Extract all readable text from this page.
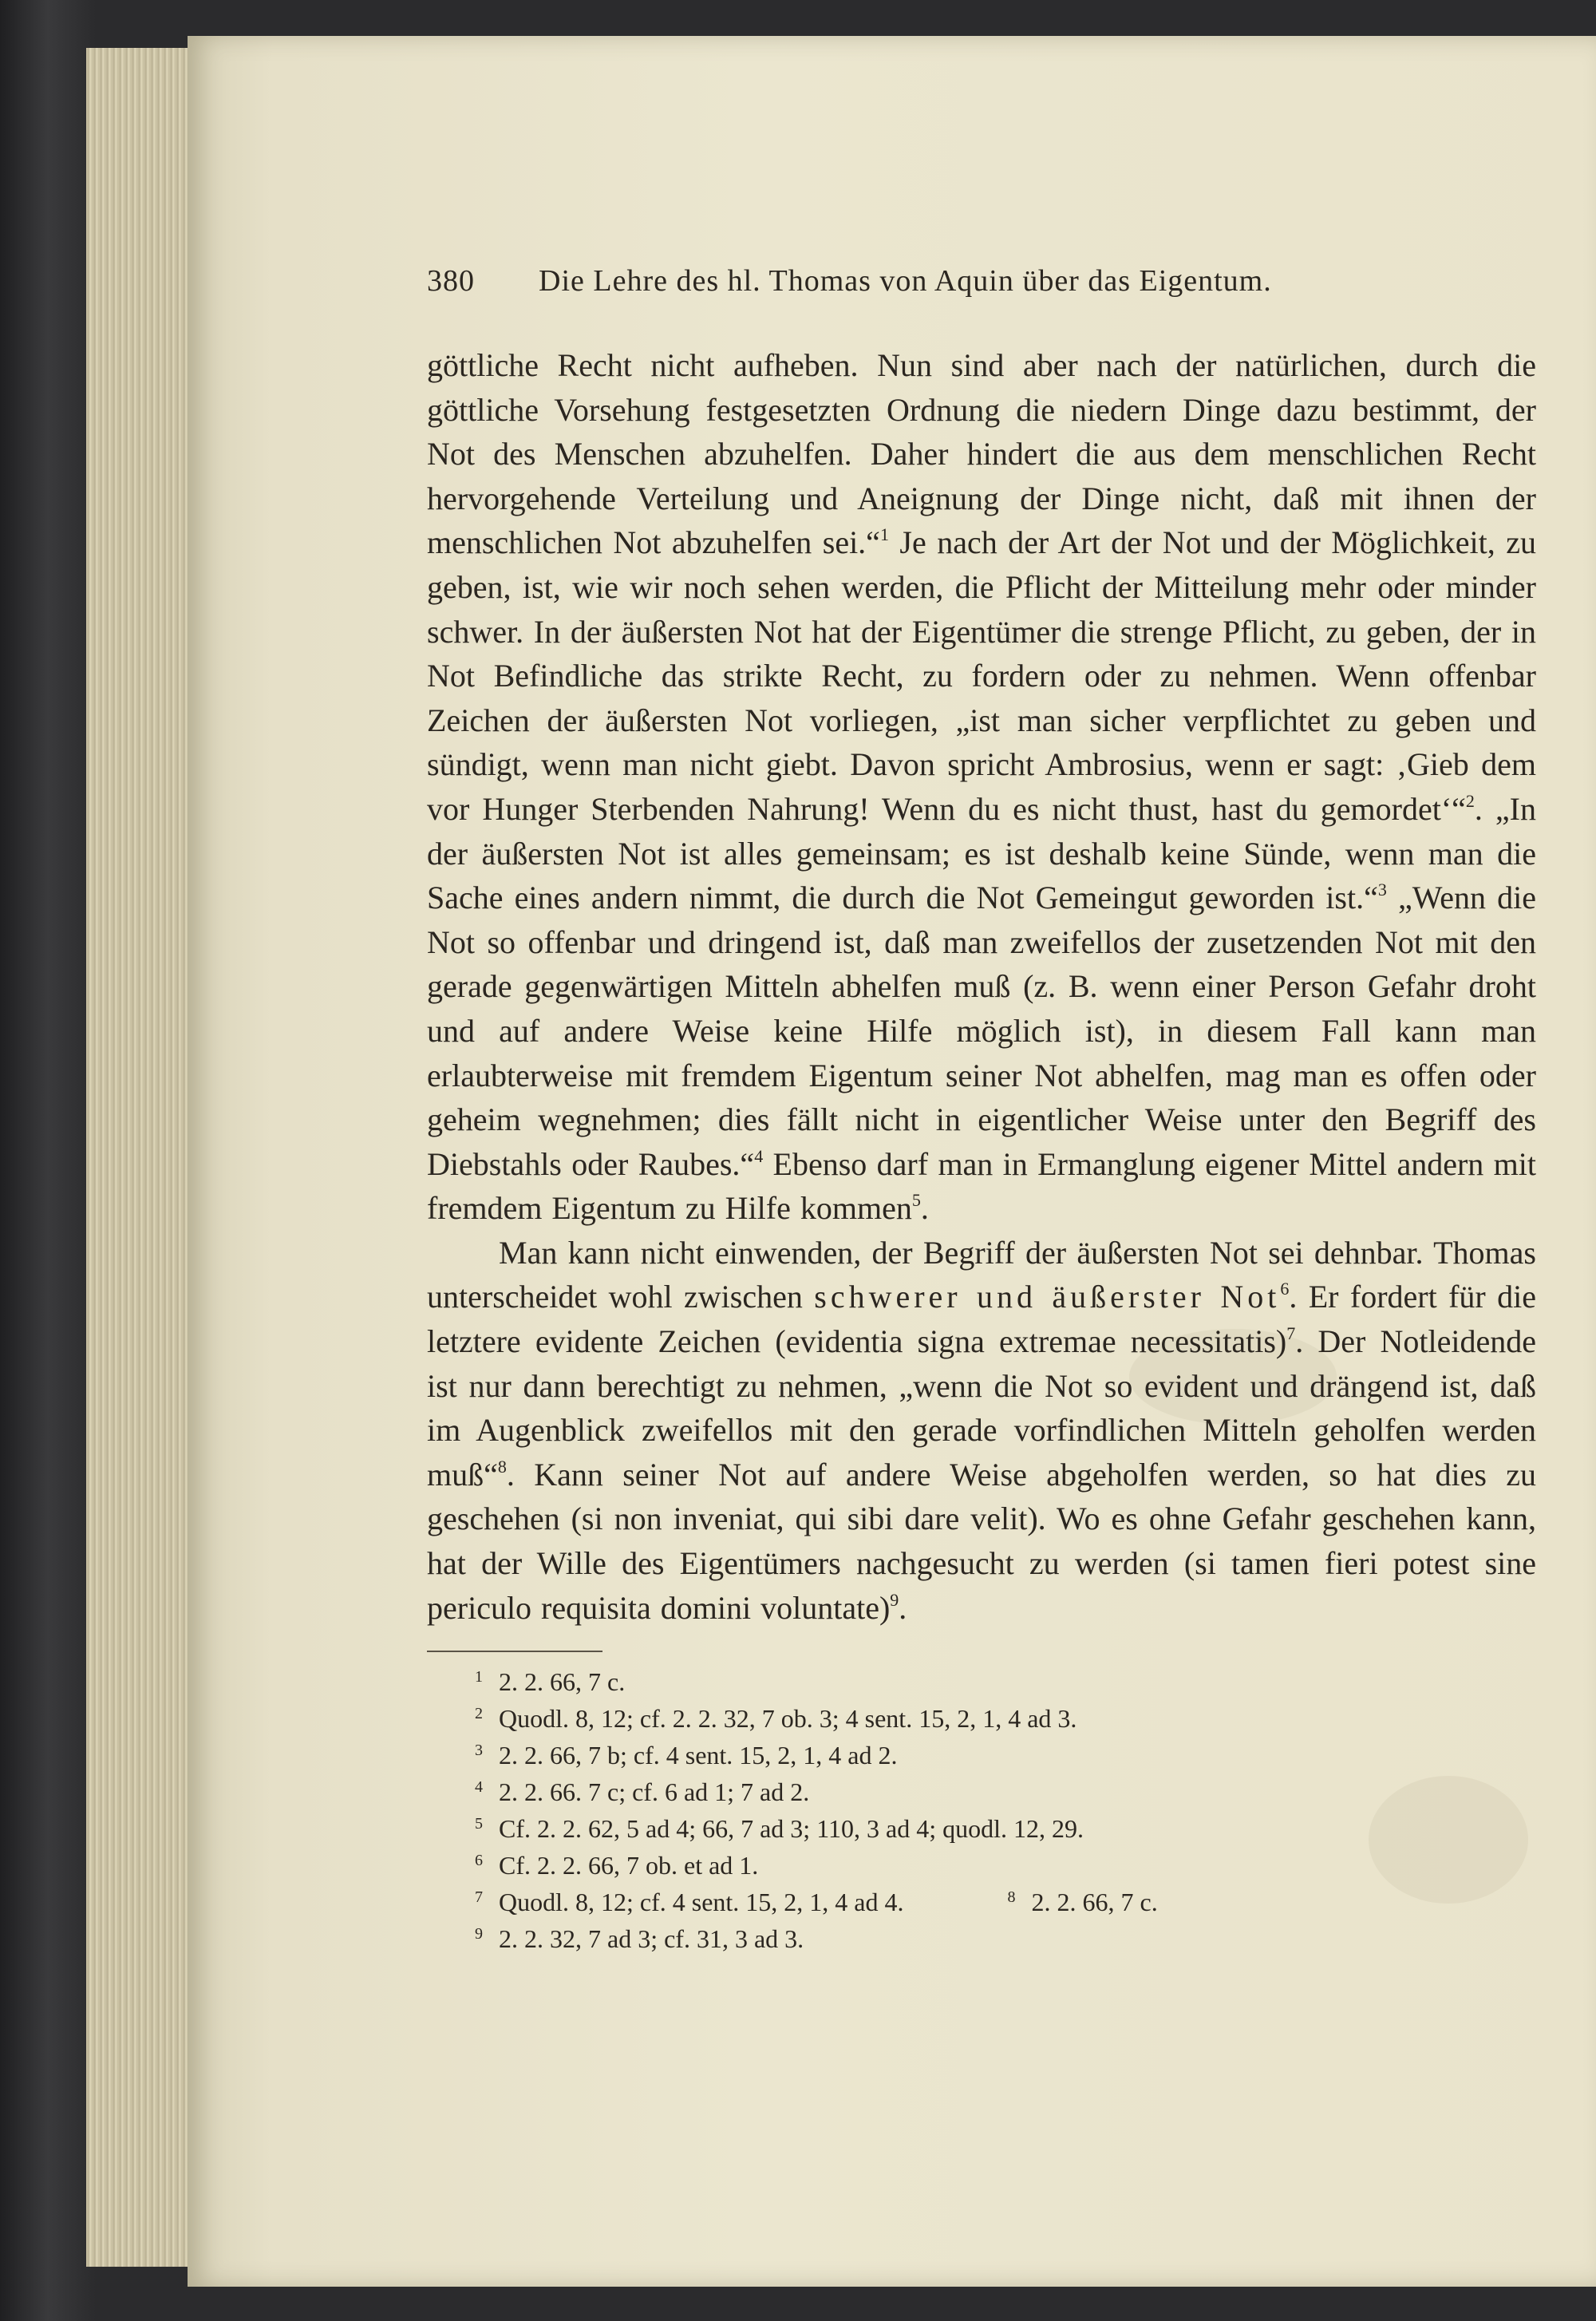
380	Die Lehre des hl. Thomas von Aquin über das Eigentum.

göttliche Recht nicht aufheben. Nun sind aber nach der natürlichen, durch die göttliche Vorsehung festgesetzten Ordnung die niedern Dinge dazu bestimmt, der Not des Menschen abzuhelfen. Daher hindert die aus dem menschlichen Recht hervorgehende Verteilung und Aneignung der Dinge nicht, daß mit ihnen der menschlichen Not abzuhelfen sei.“$^1$ Je nach der Art der Not und der Möglichkeit, zu geben, ist, wie wir noch sehen werden, die Pflicht der Mitteilung mehr oder minder schwer. In der äußersten Not hat der Eigentümer die strenge Pflicht, zu geben, der in Not Befindliche das strikte Recht, zu fordern oder zu nehmen. Wenn offenbar Zeichen der äußersten Not vorliegen, „ist man sicher verpflichtet zu geben und sündigt, wenn man nicht giebt. Davon spricht Ambrosius, wenn er sagt: ‚Gieb dem vor Hunger Sterbenden Nahrung! Wenn du es nicht thust, hast du gemordet‘“$^2$. „In der äußersten Not ist alles gemeinsam; es ist deshalb keine Sünde, wenn man die Sache eines andern nimmt, die durch die Not Gemeingut geworden ist.“$^3$ „Wenn die Not so offenbar und dringend ist, daß man zweifellos der zusetzenden Not mit den gerade gegenwärtigen Mitteln abhelfen muß (z. B. wenn einer Person Gefahr droht und auf andere Weise keine Hilfe möglich ist), in diesem Fall kann man erlaubterweise mit fremdem Eigentum seiner Not abhelfen, mag man es offen oder geheim wegnehmen; dies fällt nicht in eigentlicher Weise unter den Begriff des Diebstahls oder Raubes.“$^4$ Ebenso darf man in Ermanglung eigener Mittel andern mit fremdem Eigentum zu Hilfe kommen$^5$.

Man kann nicht einwenden, der Begriff der äußersten Not sei dehnbar. Thomas unterscheidet wohl zwischen schwerer und äußerster Not$^6$. Er fordert für die letztere evidente Zeichen (evidentia signa extremae necessitatis)$^7$. Der Notleidende ist nur dann berechtigt zu nehmen, „wenn die Not so evident und drängend ist, daß im Augenblick zweifellos mit den gerade vorfindlichen Mitteln geholfen werden muß“$^8$. Kann seiner Not auf andere Weise abgeholfen werden, so hat dies zu geschehen (si non inveniat, qui sibi dare velit). Wo es ohne Gefahr geschehen kann, hat der Wille des Eigentümers nachgesucht zu werden (si tamen fieri potest sine periculo requisita domini voluntate)$^9$.

1 2. 2. 66, 7 c.
2 Quodl. 8, 12; cf. 2. 2. 32, 7 ob. 3; 4 sent. 15, 2, 1, 4 ad 3.
3 2. 2. 66, 7 b; cf. 4 sent. 15, 2, 1, 4 ad 2.
4 2. 2. 66. 7 c; cf. 6 ad 1; 7 ad 2.
5 Cf. 2. 2. 62, 5 ad 4; 66, 7 ad 3; 110, 3 ad 4; quodl. 12, 29.
6 Cf. 2. 2. 66, 7 ob. et ad 1.
7 Quodl. 8, 12; cf. 4 sent. 15, 2, 1, 4 ad 4.	8 2. 2. 66, 7 c.
9 2. 2. 32, 7 ad 3; cf. 31, 3 ad 3.
